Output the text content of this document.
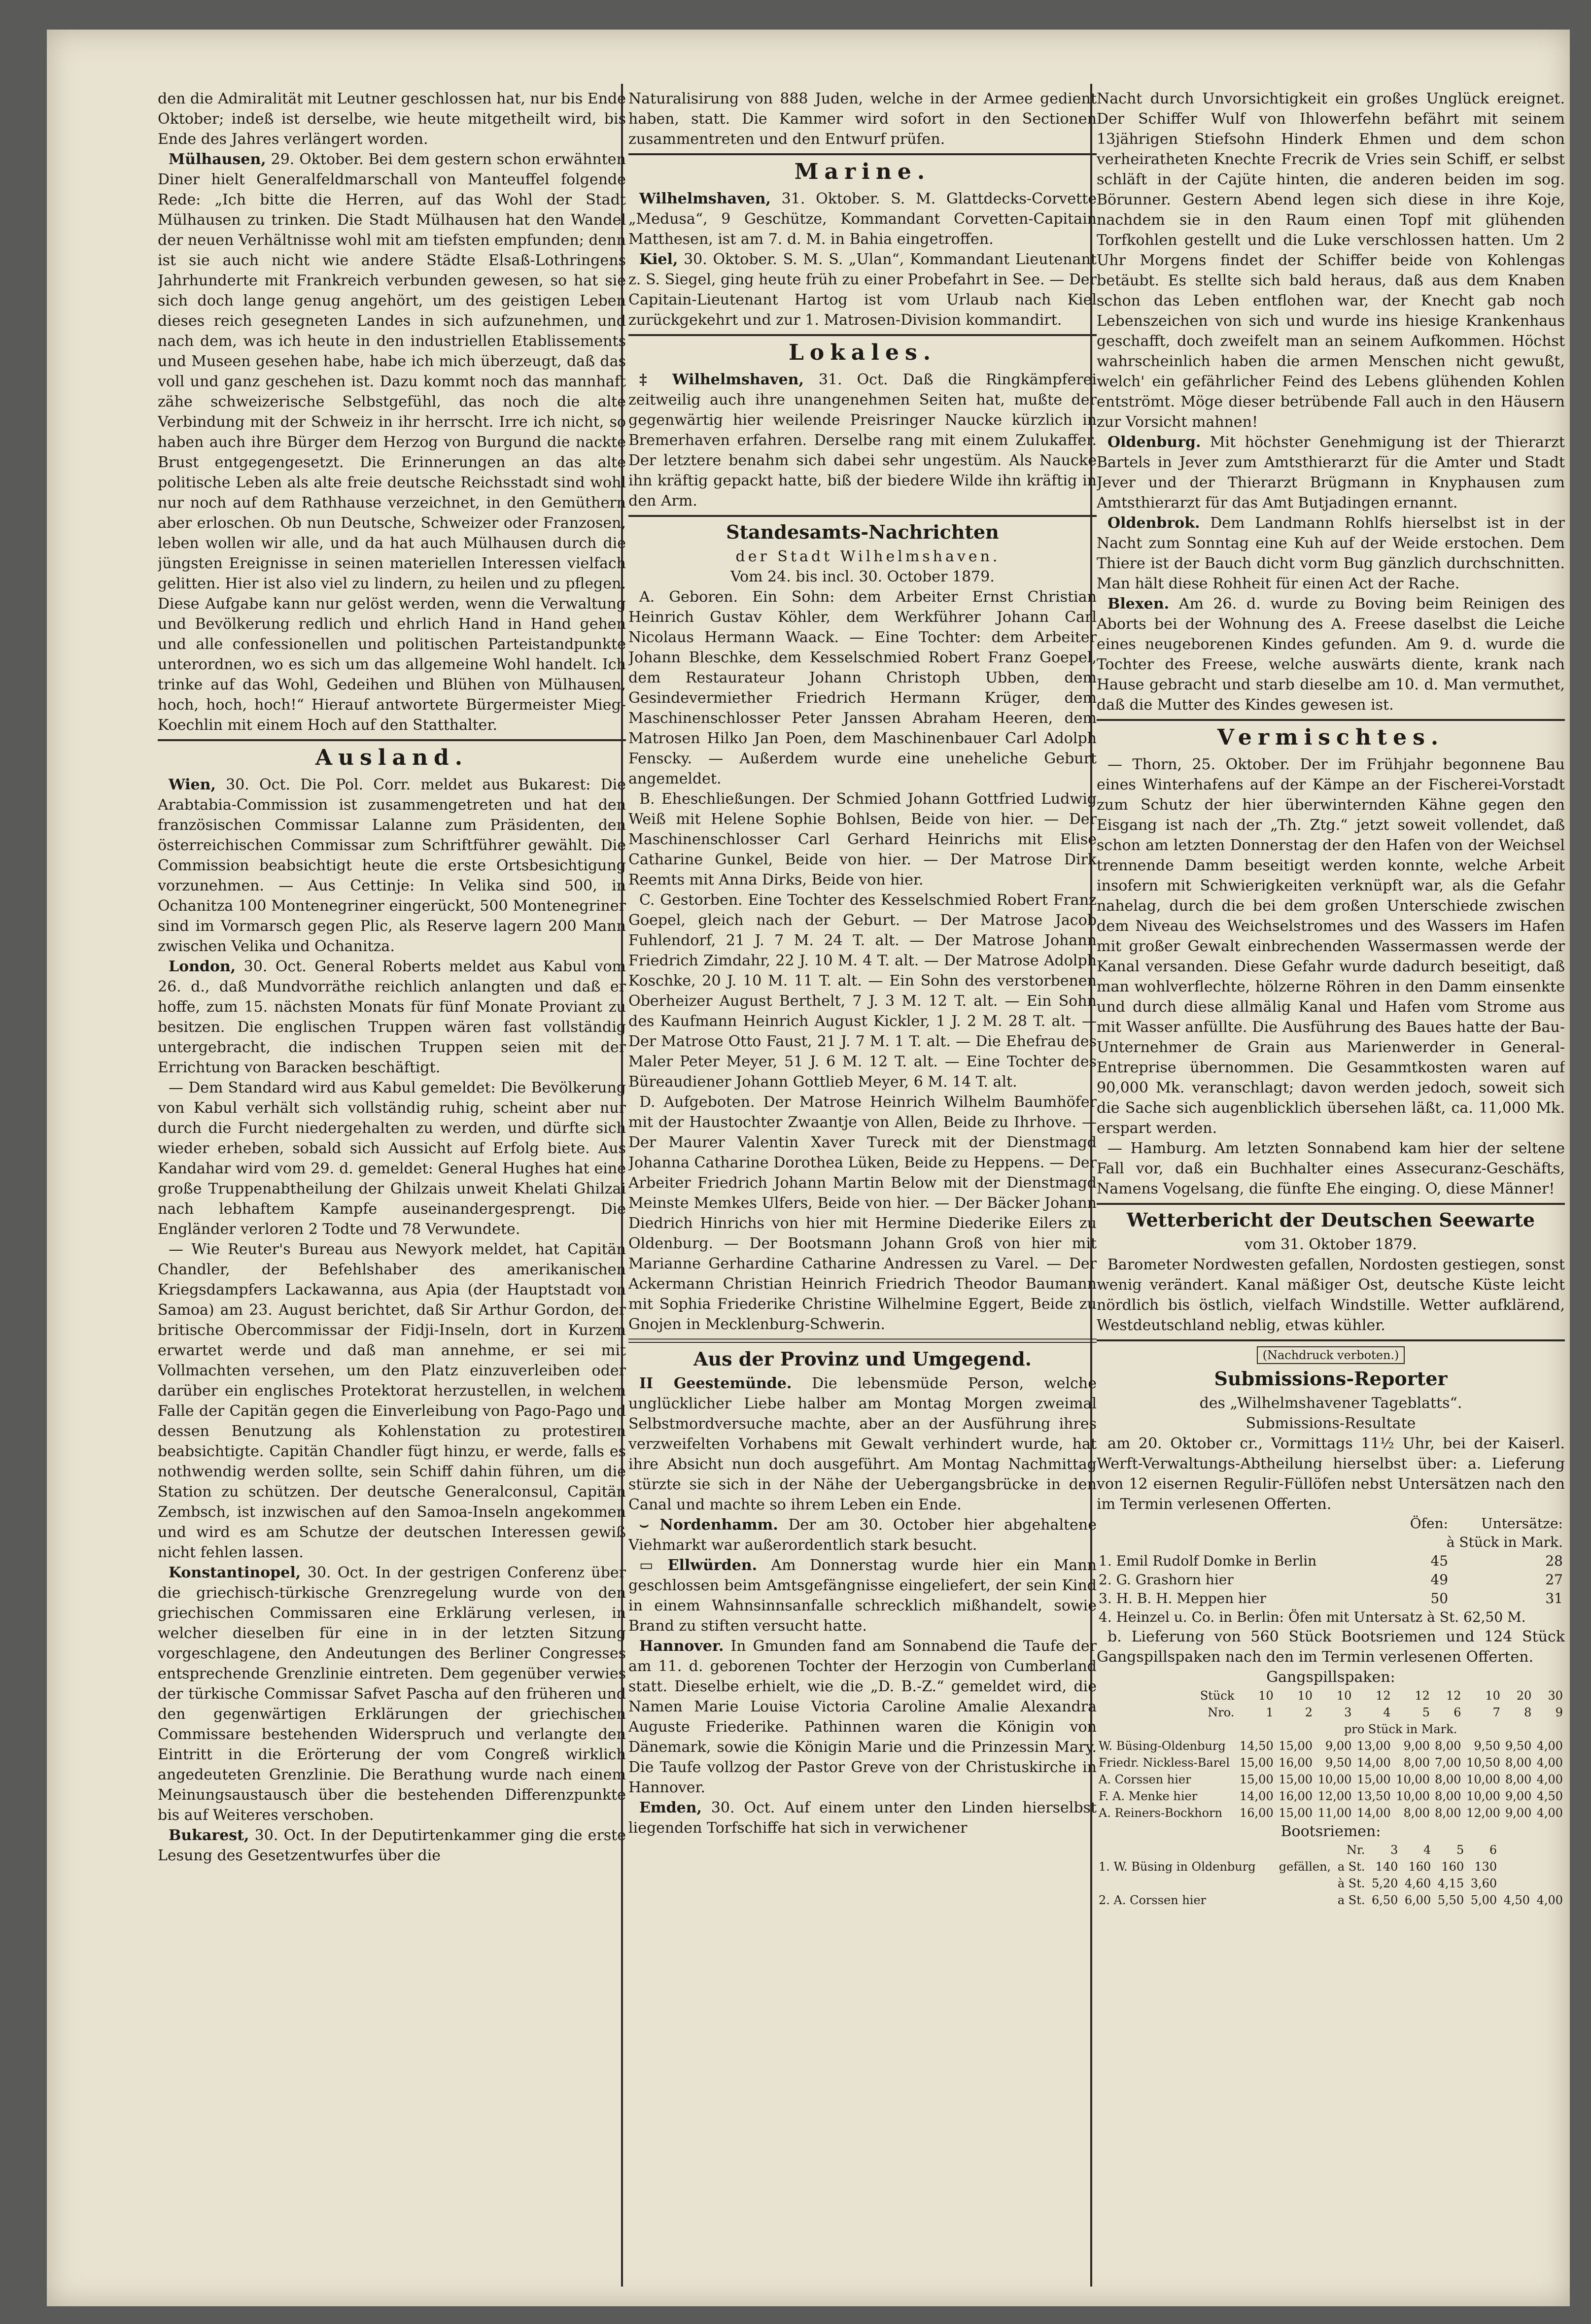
den die Admiralität mit Leutner geschlossen hat, nur bis Ende Oktober; indeß ist derselbe, wie heute mitgetheilt wird, bis Ende des Jahres verlängert worden.

Mülhausen, 29. Oktober. Bei dem gestern schon erwähnten Diner hielt Generalfeldmarschall von Manteuffel folgende Rede: „Ich bitte die Herren, auf das Wohl der Stadt Mülhausen zu trinken. Die Stadt Mülhausen hat den Wandel der neuen Verhältnisse wohl mit am tiefsten empfunden; denn ist sie auch nicht wie andere Städte Elsaß-Lothringens Jahrhunderte mit Frankreich verbunden gewesen, so hat sie sich doch lange genug angehört, um des geistigen Leben dieses reich gesegneten Landes in sich aufzunehmen, und nach dem, was ich heute in den industriellen Etablissements und Museen gesehen habe, habe ich mich überzeugt, daß das voll und ganz geschehen ist. Dazu kommt noch das mannhaft zähe schweizerische Selbstgefühl, das noch die alte Verbindung mit der Schweiz in ihr herrscht. Irre ich nicht, so haben auch ihre Bürger dem Herzog von Burgund die nackte Brust entgegengesetzt. Die Erinnerungen an das alte politische Leben als alte freie deutsche Reichsstadt sind wohl nur noch auf dem Rathhause verzeichnet, in den Gemüthern aber erloschen. Ob nun Deutsche, Schweizer oder Franzosen, leben wollen wir alle, und da hat auch Mülhausen durch die jüngsten Ereignisse in seinen materiellen Interessen vielfach gelitten. Hier ist also viel zu lindern, zu heilen und zu pflegen. Diese Aufgabe kann nur gelöst werden, wenn die Verwaltung und Bevölkerung redlich und ehrlich Hand in Hand gehen und alle confessionellen und politischen Parteistandpunkte unterordnen, wo es sich um das allgemeine Wohl handelt. Ich trinke auf das Wohl, Gedeihen und Blühen von Mülhausen, hoch, hoch, hoch!“ Hierauf antwortete Bürgermeister Mieg-Koechlin mit einem Hoch auf den Statthalter.

Ausland.

Wien, 30. Oct. Die Pol. Corr. meldet aus Bukarest: Die Arabtabia-Commission ist zusammengetreten und hat den französischen Commissar Lalanne zum Präsidenten, den österreichischen Commissar zum Schriftführer gewählt. Die Commission beabsichtigt heute die erste Ortsbesichtigung vorzunehmen. — Aus Cettinje: In Velika sind 500, in Ochanitza 100 Montenegriner eingerückt, 500 Montenegriner sind im Vormarsch gegen Plic, als Reserve lagern 200 Mann zwischen Velika und Ochanitza.

London, 30. Oct. General Roberts meldet aus Kabul vom 26. d., daß Mundvorräthe reichlich anlangten und daß er hoffe, zum 15. nächsten Monats für fünf Monate Proviant zu besitzen. Die englischen Truppen wären fast vollständig untergebracht, die indischen Truppen seien mit der Errichtung von Baracken beschäftigt.

— Dem Standard wird aus Kabul gemeldet: Die Bevölkerung von Kabul verhält sich vollständig ruhig, scheint aber nur durch die Furcht niedergehalten zu werden, und dürfte sich wieder erheben, sobald sich Aussicht auf Erfolg biete. Aus Kandahar wird vom 29. d. gemeldet: General Hughes hat eine große Truppenabtheilung der Ghilzais unweit Khelati Ghilzai nach lebhaftem Kampfe auseinandergesprengt. Die Engländer verloren 2 Todte und 78 Verwundete.

— Wie Reuter's Bureau aus Newyork meldet, hat Capitän Chandler, der Befehlshaber des amerikanischen Kriegsdampfers Lackawanna, aus Apia (der Hauptstadt von Samoa) am 23. August berichtet, daß Sir Arthur Gordon, der britische Obercommissar der Fidji-Inseln, dort in Kurzem erwartet werde und daß man annehme, er sei mit Vollmachten versehen, um den Platz einzuverleiben oder darüber ein englisches Protektorat herzustellen, in welchem Falle der Capitän gegen die Einverleibung von Pago-Pago und dessen Benutzung als Kohlenstation zu protestiren beabsichtigte. Capitän Chandler fügt hinzu, er werde, falls es nothwendig werden sollte, sein Schiff dahin führen, um die Station zu schützen. Der deutsche Generalconsul, Capitän Zembsch, ist inzwischen auf den Samoa-Inseln angekommen und wird es am Schutze der deutschen Interessen gewiß nicht fehlen lassen.

Konstantinopel, 30. Oct. In der gestrigen Conferenz über die griechisch-türkische Grenzregelung wurde von den griechischen Commissaren eine Erklärung verlesen, in welcher dieselben für eine in in der letzten Sitzung vorgeschlagene, den Andeutungen des Berliner Congresses entsprechende Grenzlinie eintreten. Dem gegenüber verwies der türkische Commissar Safvet Pascha auf den früheren und den gegenwärtigen Erklärungen der griechischen Commissare bestehenden Widerspruch und verlangte den Eintritt in die Erörterung der vom Congreß wirklich angedeuteten Grenzlinie. Die Berathung wurde nach einem Meinungsaustausch über die bestehenden Differenzpunkte bis auf Weiteres verschoben.

Bukarest, 30. Oct. In der Deputirtenkammer ging die erste Lesung des Gesetzentwurfes über die

Naturalisirung von 888 Juden, welche in der Armee gedient haben, statt. Die Kammer wird sofort in den Sectionen zusammentreten und den Entwurf prüfen.

Marine.

Wilhelmshaven, 31. Oktober. S. M. Glattdecks-Corvette „Medusa“, 9 Geschütze, Kommandant Corvetten-Capitain Matthesen, ist am 7. d. M. in Bahia eingetroffen.

Kiel, 30. Oktober. S. M. S. „Ulan“, Kommandant Lieutenant z. S. Siegel, ging heute früh zu einer Probefahrt in See. — Der Capitain-Lieutenant Hartog ist vom Urlaub nach Kiel zurückgekehrt und zur 1. Matrosen-Division kommandirt.

Lokales.

‡ Wilhelmshaven, 31. Oct. Daß die Ringkämpferei zeitweilig auch ihre unangenehmen Seiten hat, mußte der gegenwärtig hier weilende Preisringer Naucke kürzlich in Bremerhaven erfahren. Derselbe rang mit einem Zulukaffer. Der letztere benahm sich dabei sehr ungestüm. Als Naucke ihn kräftig gepackt hatte, biß der biedere Wilde ihn kräftig in den Arm.

Standesamts-Nachrichten

der Stadt Wilhelmshaven.

Vom 24. bis incl. 30. October 1879.

A. Geboren. Ein Sohn: dem Arbeiter Ernst Christian Heinrich Gustav Köhler, dem Werkführer Johann Carl Nicolaus Hermann Waack. — Eine Tochter: dem Arbeiter Johann Bleschke, dem Kesselschmied Robert Franz Goepel, dem Restaurateur Johann Christoph Ubben, dem Gesindevermiether Friedrich Hermann Krüger, dem Maschinenschlosser Peter Janssen Abraham Heeren, dem Matrosen Hilko Jan Poen, dem Maschinenbauer Carl Adolph Fenscky. — Außerdem wurde eine uneheliche Geburt angemeldet.

B. Eheschließungen. Der Schmied Johann Gottfried Ludwig Weiß mit Helene Sophie Bohlsen, Beide von hier. — Der Maschinenschlosser Carl Gerhard Heinrichs mit Elise Catharine Gunkel, Beide von hier. — Der Matrose Dirk Reemts mit Anna Dirks, Beide von hier.

C. Gestorben. Eine Tochter des Kesselschmied Robert Franz Goepel, gleich nach der Geburt. — Der Matrose Jacob Fuhlendorf, 21 J. 7 M. 24 T. alt. — Der Matrose Johann Friedrich Zimdahr, 22 J. 10 M. 4 T. alt. — Der Matrose Adolph Koschke, 20 J. 10 M. 11 T. alt. — Ein Sohn des verstorbenen Oberheizer August Berthelt, 7 J. 3 M. 12 T. alt. — Ein Sohn des Kaufmann Heinrich August Kickler, 1 J. 2 M. 28 T. alt. — Der Matrose Otto Faust, 21 J. 7 M. 1 T. alt. — Die Ehefrau des Maler Peter Meyer, 51 J. 6 M. 12 T. alt. — Eine Tochter des Büreaudiener Johann Gottlieb Meyer, 6 M. 14 T. alt.

D. Aufgeboten. Der Matrose Heinrich Wilhelm Baumhöfer mit der Haustochter Zwaantje von Allen, Beide zu Ihrhove. — Der Maurer Valentin Xaver Tureck mit der Dienstmagd Johanna Catharine Dorothea Lüken, Beide zu Heppens. — Der Arbeiter Friedrich Johann Martin Below mit der Dienstmagd Meinste Memkes Ulfers, Beide von hier. — Der Bäcker Johann Diedrich Hinrichs von hier mit Hermine Diederike Eilers zu Oldenburg. — Der Bootsmann Johann Groß von hier mit Marianne Gerhardine Catharine Andressen zu Varel. — Der Ackermann Christian Heinrich Friedrich Theodor Baumann mit Sophia Friederike Christine Wilhelmine Eggert, Beide zu Gnojen in Mecklenburg-Schwerin.

Aus der Provinz und Umgegend.

II Geestemünde. Die lebensmüde Person, welche unglücklicher Liebe halber am Montag Morgen zweimal Selbstmordversuche machte, aber an der Ausführung ihres verzweifelten Vorhabens mit Gewalt verhindert wurde, hat ihre Absicht nun doch ausgeführt. Am Montag Nachmittag stürzte sie sich in der Nähe der Uebergangsbrücke in den Canal und machte so ihrem Leben ein Ende.

⌣ Nordenhamm. Der am 30. October hier abgehaltene Viehmarkt war außerordentlich stark besucht.

▭ Ellwürden. Am Donnerstag wurde hier ein Mann geschlossen beim Amtsgefängnisse eingeliefert, der sein Kind in einem Wahnsinnsanfalle schrecklich mißhandelt, sowie Brand zu stiften versucht hatte.

Hannover. In Gmunden fand am Sonnabend die Taufe der am 11. d. geborenen Tochter der Herzogin von Cumberland statt. Dieselbe erhielt, wie die „D. B.-Z.“ gemeldet wird, die Namen Marie Louise Victoria Caroline Amalie Alexandra Auguste Friederike. Pathinnen waren die Königin von Dänemark, sowie die Königin Marie und die Prinzessin Mary. Die Taufe vollzog der Pastor Greve von der Christuskirche in Hannover.

Emden, 30. Oct. Auf einem unter den Linden hierselbst liegenden Torfschiffe hat sich in verwichener

Nacht durch Unvorsichtigkeit ein großes Unglück ereignet. Der Schiffer Wulf von Ihlowerfehn befährt mit seinem 13jährigen Stiefsohn Hinderk Ehmen und dem schon verheiratheten Knechte Frecrik de Vries sein Schiff, er selbst schläft in der Cajüte hinten, die anderen beiden im sog. Börunner. Gestern Abend legen sich diese in ihre Koje, nachdem sie in den Raum einen Topf mit glühenden Torfkohlen gestellt und die Luke verschlossen hatten. Um 2 Uhr Morgens findet der Schiffer beide von Kohlengas betäubt. Es stellte sich bald heraus, daß aus dem Knaben schon das Leben entflohen war, der Knecht gab noch Lebenszeichen von sich und wurde ins hiesige Krankenhaus geschafft, doch zweifelt man an seinem Aufkommen. Höchst wahrscheinlich haben die armen Menschen nicht gewußt, welch' ein gefährlicher Feind des Lebens glühenden Kohlen entströmt. Möge dieser betrübende Fall auch in den Häusern zur Vorsicht mahnen!

Oldenburg. Mit höchster Genehmigung ist der Thierarzt Bartels in Jever zum Amtsthierarzt für die Amter und Stadt Jever und der Thierarzt Brügmann in Knyphausen zum Amtsthierarzt für das Amt Butjadingen ernannt.

Oldenbrok. Dem Landmann Rohlfs hierselbst ist in der Nacht zum Sonntag eine Kuh auf der Weide erstochen. Dem Thiere ist der Bauch dicht vorm Bug gänzlich durchschnitten. Man hält diese Rohheit für einen Act der Rache.

Blexen. Am 26. d. wurde zu Boving beim Reinigen des Aborts bei der Wohnung des A. Freese daselbst die Leiche eines neugeborenen Kindes gefunden. Am 9. d. wurde die Tochter des Freese, welche auswärts diente, krank nach Hause gebracht und starb dieselbe am 10. d. Man vermuthet, daß die Mutter des Kindes gewesen ist.

Vermischtes.

— Thorn, 25. Oktober. Der im Frühjahr begonnene Bau eines Winterhafens auf der Kämpe an der Fischerei-Vorstadt zum Schutz der hier überwinternden Kähne gegen den Eisgang ist nach der „Th. Ztg.“ jetzt soweit vollendet, daß schon am letzten Donnerstag der den Hafen von der Weichsel trennende Damm beseitigt werden konnte, welche Arbeit insofern mit Schwierigkeiten verknüpft war, als die Gefahr nahelag, durch die bei dem großen Unterschiede zwischen dem Niveau des Weichselstromes und des Wassers im Hafen mit großer Gewalt einbrechenden Wassermassen werde der Kanal versanden. Diese Gefahr wurde dadurch beseitigt, daß man wohlverflechte, hölzerne Röhren in den Damm einsenkte und durch diese allmälig Kanal und Hafen vom Strome aus mit Wasser anfüllte. Die Ausführung des Baues hatte der Bau-Unternehmer de Grain aus Marienwerder in General-Entreprise übernommen. Die Gesammtkosten waren auf 90,000 Mk. veranschlagt; davon werden jedoch, soweit sich die Sache sich augenblicklich übersehen läßt, ca. 11,000 Mk. erspart werden.

— Hamburg. Am letzten Sonnabend kam hier der seltene Fall vor, daß ein Buchhalter eines Assecuranz-Geschäfts, Namens Vogelsang, die fünfte Ehe einging. O, diese Männer!

Wetterbericht der Deutschen Seewarte

vom 31. Oktober 1879.

Barometer Nordwesten gefallen, Nordosten gestiegen, sonst wenig verändert. Kanal mäßiger Ost, deutsche Küste leicht nördlich bis östlich, vielfach Windstille. Wetter aufklärend, Westdeutschland neblig, etwas kühler.

(Nachdruck verboten.)
Submissions-Reporter

des „Wilhelmshavener Tageblatts“.

Submissions-Resultate

am 20. Oktober cr., Vormittags 11½ Uhr, bei der Kaiserl. Werft-Verwaltungs-Abtheilung hierselbst über: a. Lieferung von 12 eisernen Regulir-Füllöfen nebst Untersätzen nach den im Termin verlesenen Offerten.

	Öfen:	Untersätze:
	à Stück in Mark.	
1. Emil Rudolf Domke in Berlin	45	28
2. G. Grashorn hier	49	27
3. H. B. H. Meppen hier	50	31
4. Heinzel u. Co. in Berlin: Öfen mit Untersatz à St. 62,50 M.		

b. Lieferung von 560 Stück Bootsriemen und 124 Stück Gangspillspaken nach den im Termin verlesenen Offerten.

Gangspillspaken:

Stück	10	10	10	12	12	12	10	20	30
Nro.	1	2	3	4	5	6	7	8	9
	pro Stück in Mark.								
W. Büsing-Oldenburg	14,50	15,00	9,00	13,00	9,00	8,00	9,50	9,50	4,00
Friedr. Nickless-Barel	15,00	16,00	9,50	14,00	8,00	7,00	10,50	8,00	4,00
A. Corssen hier	15,00	15,00	10,00	15,00	10,00	8,00	10,00	8,00	4,00
F. A. Menke hier	14,00	16,00	12,00	13,50	10,00	8,00	10,00	9,00	4,50
A. Reiners-Bockhorn	16,00	15,00	11,00	14,00	8,00	8,00	12,00	9,00	4,00

Bootsriemen:

		Nr.	3	4	5	6		
1. W. Büsing in Oldenburg	gefällen,	a St.	140	160	160	130		
		à St.	5,20	4,60	4,15	3,60		
2. A. Corssen hier		a St.	6,50	6,00	5,50	5,00	4,50	4,00
